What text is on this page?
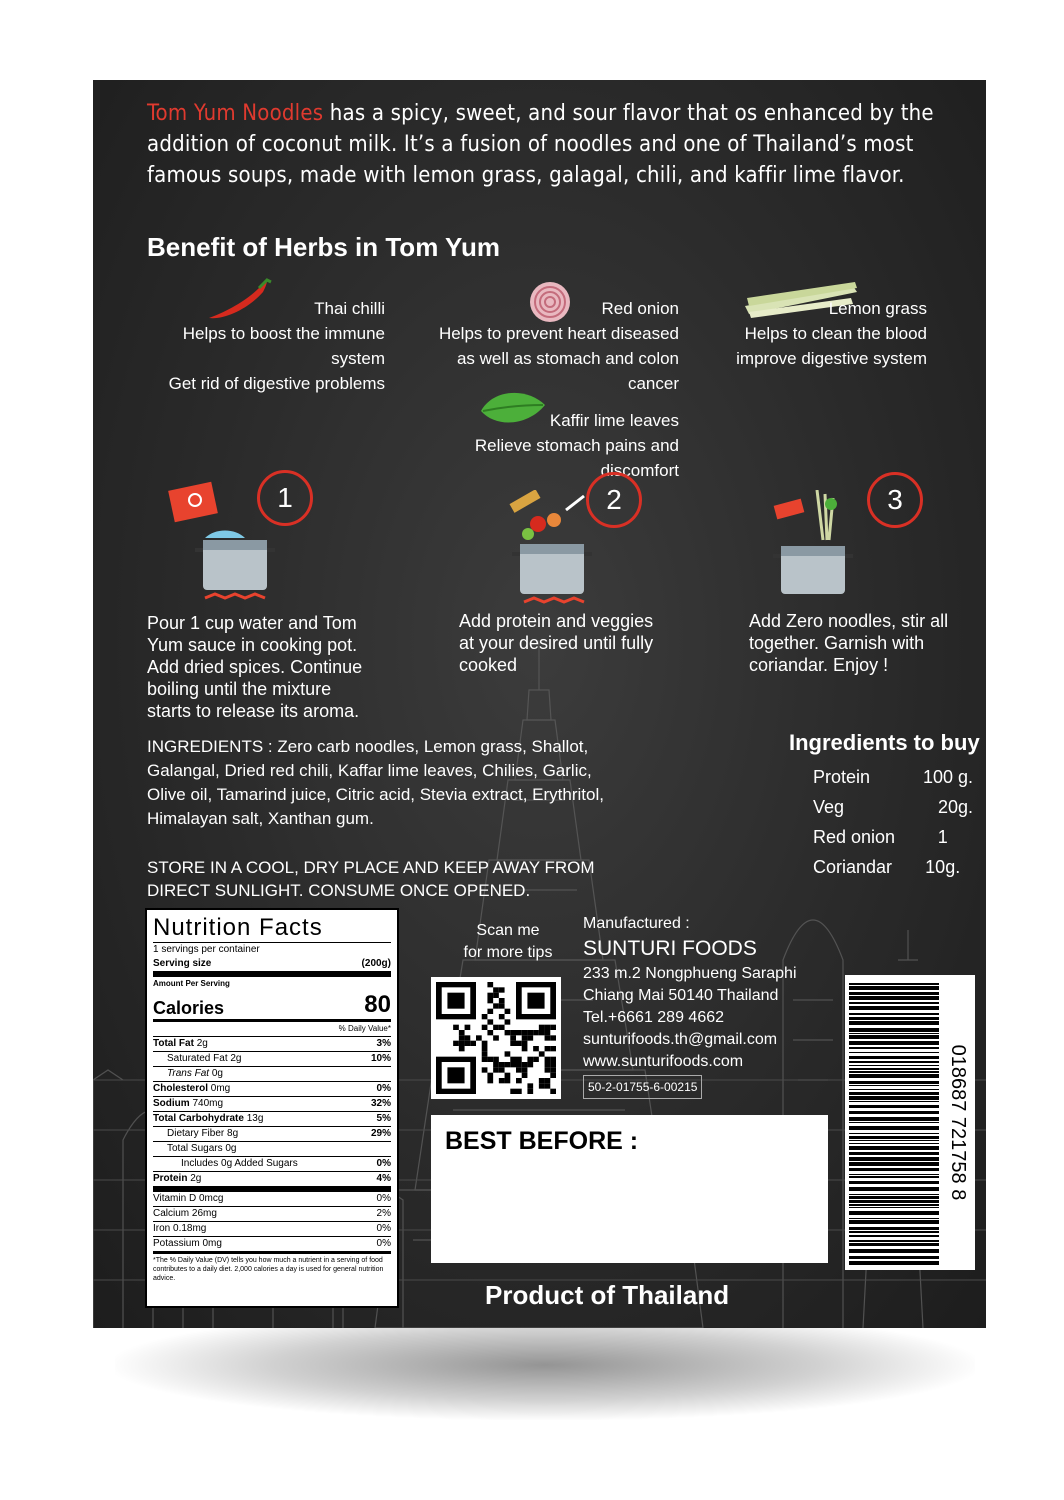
Tom Yum Noodles has a spicy, sweet, and sour flavor that os enhanced by the addition of coconut milk. It’s a fusion of noodles and one of Thailand’s most famous soups, made with lemon grass, galagal, chili, and kaffir lime flavor.
Benefit of Herbs in Tom Yum
Thai chilli
Helps to boost the immune system
Get rid of digestive problems
Red onion
Helps to prevent heart diseased
as well as stomach and colon cancer
Lemon grass
Helps to clean the blood
improve digestive system
Kaffir lime leaves
Relieve stomach pains and discomfort
1
Pour 1 cup water and Tom Yum sauce in cooking pot. Add dried spices. Continue boiling until the mixture starts to release its aroma.
2
Add protein and veggies at your desired until fully cooked
3
Add Zero noodles, stir all together. Garnish with coriandar. Enjoy !
INGREDIENTS : Zero carb noodles, Lemon grass, Shallot, Galangal, Dried red chili, Kaffar lime leaves, Chilies, Garlic, Olive oil, Tamarind juice, Citric acid, Stevia extract, Erythritol, Himalayan salt, Xanthan gum.
Ingredients to buy
Protein	100 g.
Veg	20g.
Red onion	1
Coriandar	10g.
STORE IN A COOL, DRY PLACE AND KEEP AWAY FROM DIRECT SUNLIGHT. CONSUME ONCE OPENED.
Nutrition Facts
1 servings per container
Serving size	(200g)
Amount Per Serving
Calories	80
% Daily Value*
Total Fat 2g	3%
Saturated Fat 2g	10%
Trans Fat 0g
Cholesterol 0mg	0%
Sodium 740mg	32%
Total Carbohydrate 13g	5%
Dietary Fiber 8g	29%
Total Sugars 0g
Includes 0g Added Sugars	0%
Protein 2g	4%
Vitamin D 0mcg	0%
Calcium 26mg	2%
Iron 0.18mg	0%
Potassium 0mg	0%
*The % Daily Value (DV) tells you how much a nutrient in a serving of food contributes to a daily diet. 2,000 calories a day is used for general nutrition advice.
Scan me
for more tips
Manufactured :
SUNTURI FOODS
233 m.2 Nongphueng Saraphi
Chiang Mai 50140 Thailand
Tel.+6661 289 4662
sunturifoods.th@gmail.com
www.sunturifoods.com
50-2-01755-6-00215
BEST BEFORE :	8 857127 786810
Product of Thailand
